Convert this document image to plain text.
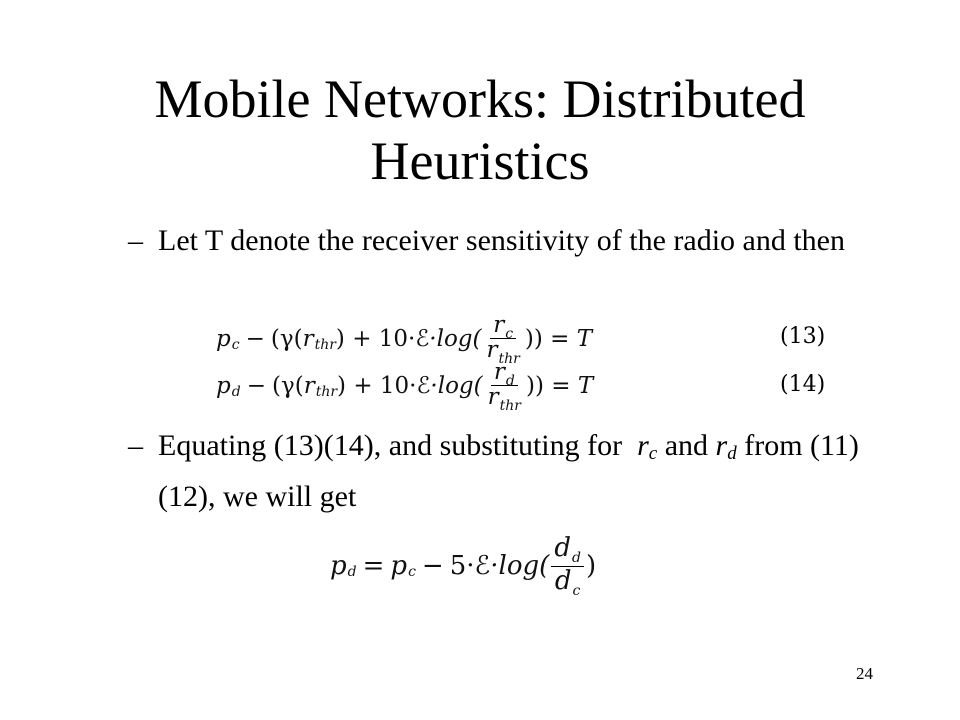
Mobile Networks: Distributed Heuristics
– Let T denote the receiver sensitivity of the radio and then
p c − (γ( r thr ) + 10· ℰ $\cdot\log( \frac{r_c}{r_{thr}}$ )) =
T	(13)
p d − (γ( r thr ) + 10· ℰ $\cdot\log( \frac{r_d}{r_{thr}}$ )) =
T	(14)
– Equating (13)(14), and substituting for $r_c$ and $r_d$ from (11)(12), we will get
p d = p c − 5· ℰ $\cdot\log( \frac{d_d}{d_c}$ )
24
